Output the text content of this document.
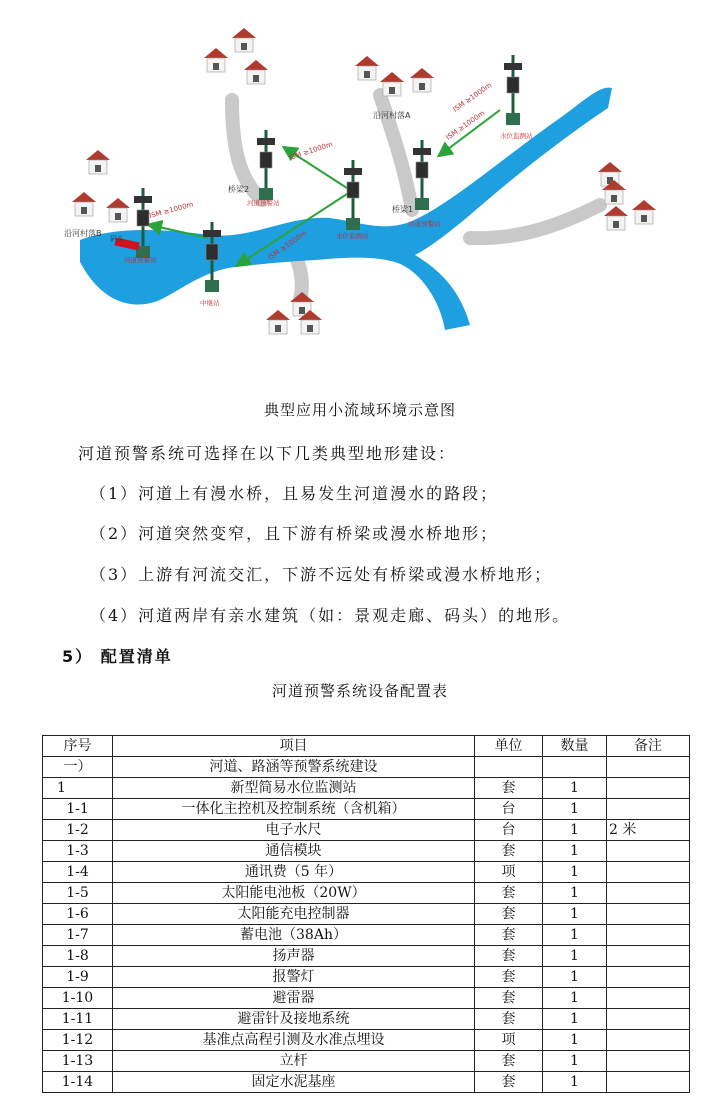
ISM ≥1000m
ISM ≥1000m
ISM ≥1000m
ISM ≥1000m
ISM ≥1000m
沿河村落A
沿河村落B
桥梁1
桥梁2
码头
水位监测站
河道预警站
水位监测站
河道预警站
中继站
河道预警站
典型应用小流域环境示意图
河道预警系统可选择在以下几类典型地形建设：
（1）河道上有漫水桥，且易发生河道漫水的路段；
（2）河道突然变窄，且下游有桥梁或漫水桥地形；
（3）上游有河流交汇，下游不远处有桥梁或漫水桥地形；
（4）河道两岸有亲水建筑（如：景观走廊、码头）的地形。
5） 配置清单
河道预警系统设备配置表
序号	项目	单位	数量	备注
一）	河道、路涵等预警系统建设			
1	新型简易水位监测站	套	1	
1-1	一体化主控机及控制系统（含机箱）	台	1	
1-2	电子水尺	台	1	2 米
1-3	通信模块	套	1	
1-4	通讯费（5 年）	项	1	
1-5	太阳能电池板（20W）	套	1	
1-6	太阳能充电控制器	套	1	
1-7	蓄电池（38Ah）	套	1	
1-8	扬声器	套	1	
1-9	报警灯	套	1	
1-10	避雷器	套	1	
1-11	避雷针及接地系统	套	1	
1-12	基准点高程引测及水准点埋设	项	1	
1-13	立杆	套	1	
1-14	固定水泥基座	套	1	
